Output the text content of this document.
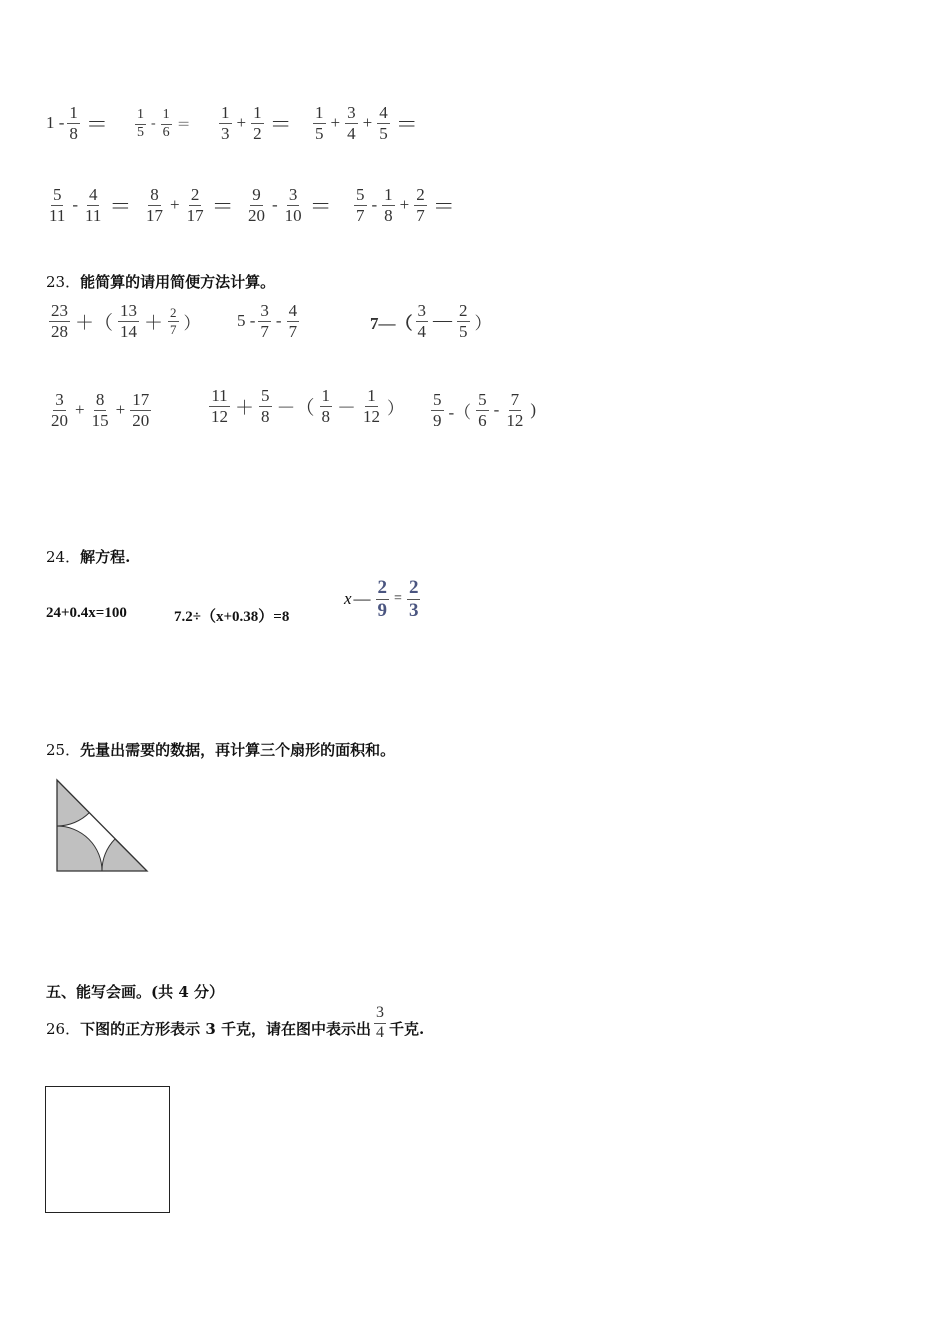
$1 - \frac{1}{8} = \frac{1}{5} - \frac{1}{6} = \frac{1}{3} + \frac{1}{2} = \frac{1}{5} + \frac{3}{4} + \frac{4}{5}$ ＝
$\frac{5}{11} - \frac{4}{11} = \frac{8}{17} + \frac{2}{17} = \frac{9}{20} - \frac{3}{10} = \frac{5}{7} - \frac{1}{8} + \frac{2}{7}$ ＝
23．能简算的请用简便方法计算。
$\frac{23}{28}$ ＋（ $\frac{13}{14} + \frac{2}{7}$ ） $5 - \frac{3}{7} - \frac{4}{7}$	7—（ $\frac{3}{4}$ — $\frac{2}{5}$ ）
$\frac{3}{20} + \frac{8}{15} + \frac{17}{20}$	$\frac{11}{12} + \frac{5}{8}$ －（ $\frac{1}{8} - \frac{1}{12}$ ） $\frac{5}{9}$ -（ $\frac{5}{6} - \frac{7}{12}$ )
24．解方程.
24+0.4x=100	7.2÷（x+0.38）=8
x — $\frac{2}{9} = \frac{2}{3}$
25．先量出需要的数据，再计算三个扇形的面积和。
五、能写会画。(共 4 分）
26． 下图的正方形表示 3 千克，请在图中表示出 $\frac{3}{4}$ 千克.
